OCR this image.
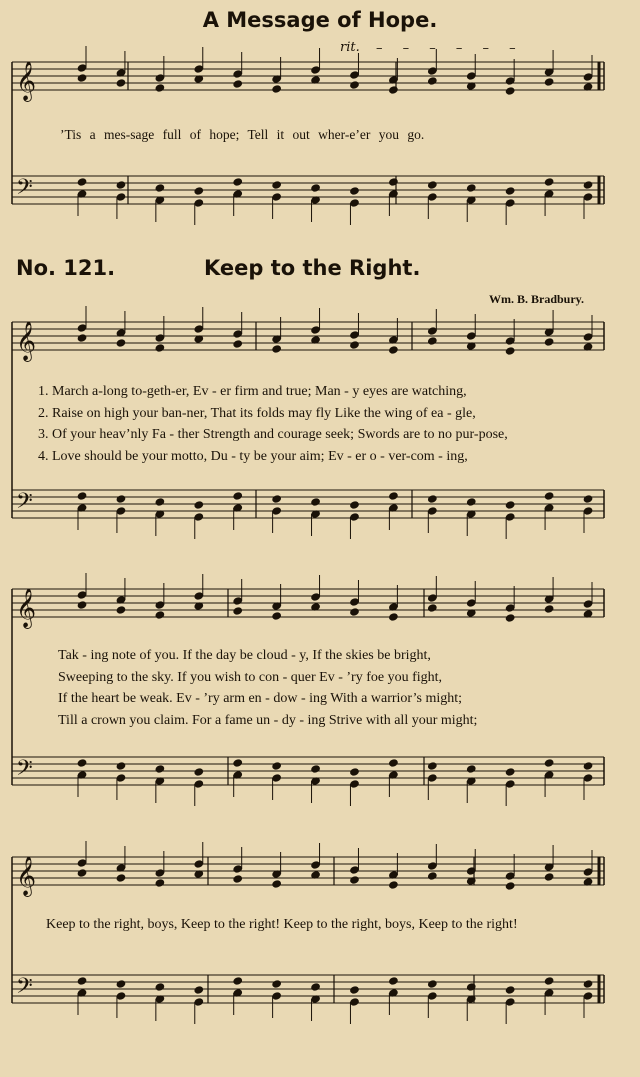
A Message of Hope.
rit. – – – – – –
’Tis a mes-sage full of hope; Tell it out wher-e’er you go.
No. 121.	Keep to the Right.
Wm. B. Bradbury.
1. March a-long to-geth-er, Ev - er firm and true; Man - y eyes are watching,
2. Raise on high your ban-ner, That its folds may fly Like the wing of ea - gle,
3. Of your heav’nly Fa - ther Strength and courage seek; Swords are to no pur-pose,
4. Love should be your motto, Du - ty be your aim; Ev - er o - ver-com - ing,
Tak - ing note of you. If the day be cloud - y, If the skies be bright,
Sweeping to the sky. If you wish to con - quer Ev - ’ry foe you fight,
If the heart be weak. Ev - ’ry arm en - dow - ing With a warrior’s might;
Till a crown you claim. For a fame un - dy - ing Strive with all your might;
Keep to the right, boys, Keep to the right! Keep to the right, boys, Keep to the right!
𝄞
𝄢
𝄞
𝄢
𝄞
𝄢
𝄞
𝄢
